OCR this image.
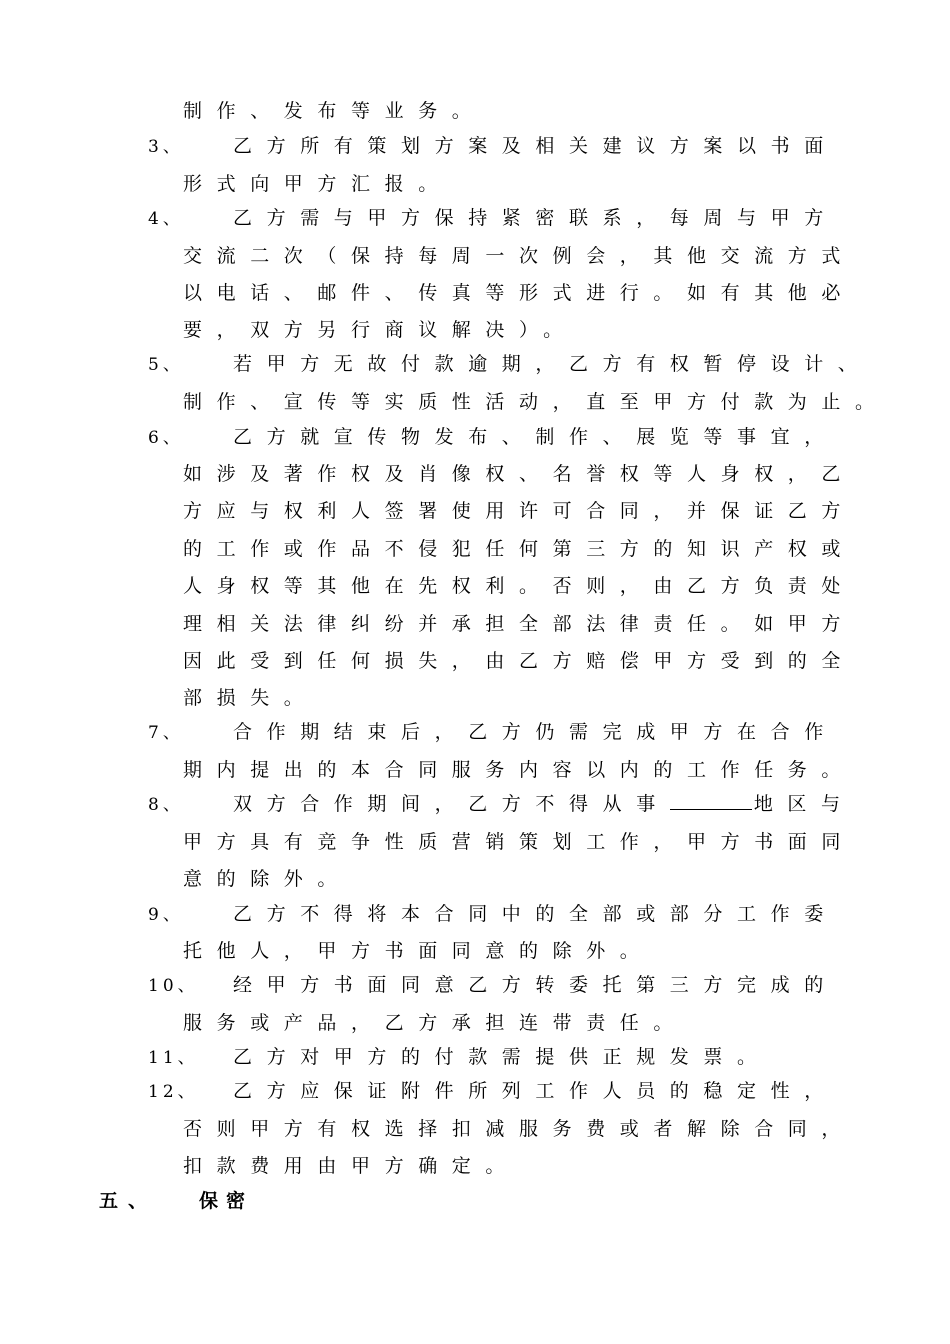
制作、发布等业务。
3、	乙方所有策划方案及相关建议方案以书面
形式向甲方汇报。
4、	乙方需与甲方保持紧密联系，每周与甲方
交流二次（保持每周一次例会，其他交流方式
以电话、邮件、传真等形式进行。如有其他必
要，双方另行商议解决）。
5、	若甲方无故付款逾期，乙方有权暂停设计、
制作、宣传等实质性活动，直至甲方付款为止。
6、	乙方就宣传物发布、制作、展览等事宜，
如涉及著作权及肖像权、名誉权等人身权，乙
方应与权利人签署使用许可合同，并保证乙方
的工作或作品不侵犯任何第三方的知识产权或
人身权等其他在先权利。否则，由乙方负责处
理相关法律纠纷并承担全部法律责任。如甲方
因此受到任何损失，由乙方赔偿甲方受到的全
部损失。
7、	合作期结束后，乙方仍需完成甲方在合作
期内提出的本合同服务内容以内的工作任务。
8、	双方合作期间，乙方不得从事	地区与
甲方具有竞争性质营销策划工作，甲方书面同
意的除外。
9、	乙方不得将本合同中的全部或部分工作委
托他人，甲方书面同意的除外。
10、 经甲方书面同意乙方转委托第三方完成的
服务或产品，乙方承担连带责任。
11、 乙方对甲方的付款需提供正规发票。
12、 乙方应保证附件所列工作人员的稳定性，
否则甲方有权选择扣减服务费或者解除合同，
扣款费用由甲方确定。
五、 保密
